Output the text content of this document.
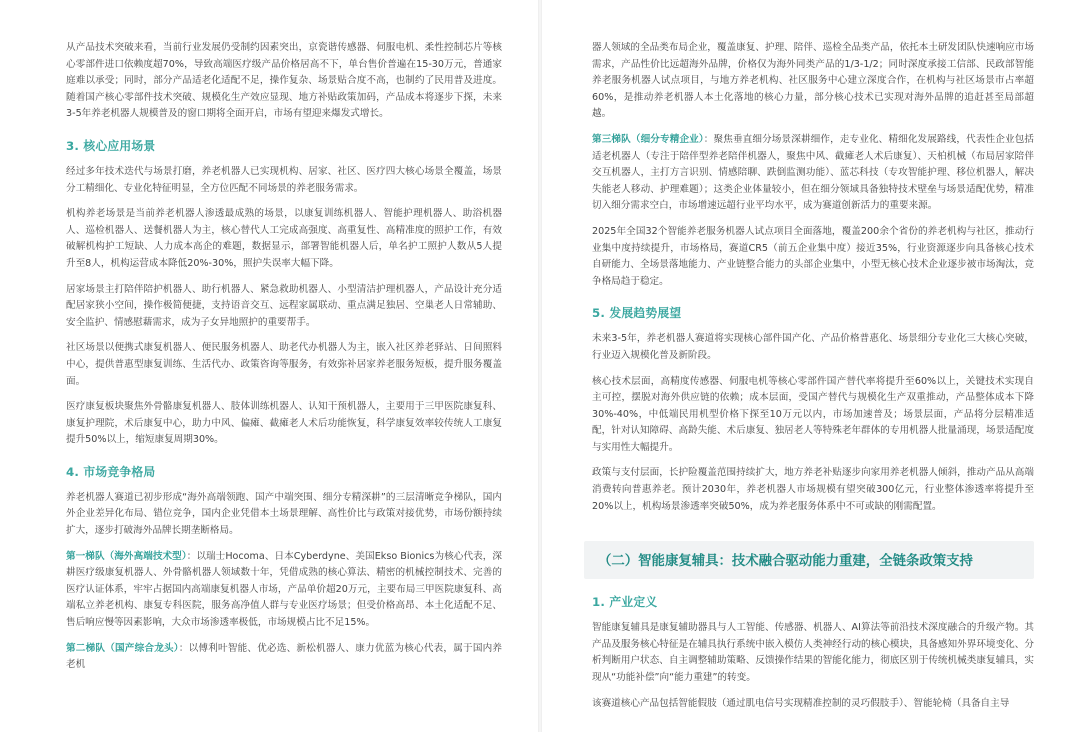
从产品技术突破来看，当前行业发展仍受制约因素突出，京瓷谐传感器、伺服电机、柔性控制芯片等核心零部件进口依赖度超70%，导致高端医疗级产品价格居高不下，单台售价普遍在15-30万元，普通家庭难以承受；同时，部分产品适老化适配不足，操作复杂、场景贴合度不高，也制约了民用普及进度。随着国产核心零部件技术突破、规模化生产效应显现、地方补贴政策加码，产品成本将逐步下探，未来3-5年养老机器人规模普及的窗口期将全面开启，市场有望迎来爆发式增长。

3. 核心应用场景

经过多年技术迭代与场景打磨，养老机器人已实现机构、居家、社区、医疗四大核心场景全覆盖，场景分工精细化、专业化特征明显，全方位匹配不同场景的养老服务需求。

机构养老场景是当前养老机器人渗透最成熟的场景，以康复训练机器人、智能护理机器人、助浴机器人、巡检机器人、送餐机器人为主，核心替代人工完成高强度、高重复性、高精准度的照护工作，有效破解机构护工短缺、人力成本高企的难题，数据显示，部署智能机器人后，单名护工照护人数从5人提升至8人，机构运营成本降低20%-30%，照护失误率大幅下降。

居家场景主打陪伴陪护机器人、助行机器人、紧急救助机器人、小型清洁护理机器人，产品设计充分适配居家狭小空间，操作极简便捷，支持语音交互、远程家属联动、重点满足独居、空巢老人日常辅助、安全监护、情感慰藉需求，成为子女异地照护的重要帮手。

社区场景以便携式康复机器人、便民服务机器人、助老代办机器人为主，嵌入社区养老驿站、日间照料中心，提供普惠型康复训练、生活代办、政策咨询等服务，有效弥补居家养老服务短板，提升服务覆盖面。

医疗康复板块聚焦外骨骼康复机器人、肢体训练机器人、认知干预机器人，主要用于三甲医院康复科、康复护理院，术后康复中心，助力中风、偏瘫、截瘫老人术后功能恢复，科学康复效率较传统人工康复提升50%以上，缩短康复周期30%。

4. 市场竞争格局

养老机器人赛道已初步形成“海外高端领跑、国产中端突围、细分专精深耕”的三层清晰竞争梯队，国内外企业差异化布局、错位竞争，国内企业凭借本土场景理解、高性价比与政策对接优势，市场份额持续扩大，逐步打破海外品牌长期垄断格局。

第一梯队（海外高端技术型）：以瑞士Hocoma、日本Cyberdyne、美国Ekso Bionics为核心代表，深耕医疗级康复机器人、外骨骼机器人领域数十年，凭借成熟的核心算法、精密的机械控制技术、完善的医疗认证体系，牢牢占据国内高端康复机器人市场，产品单价超20万元，主要布局三甲医院康复科、高端私立养老机构、康复专科医院，服务高净值人群与专业医疗场景；但受价格高昂、本土化适配不足、售后响应慢等因素影响，大众市场渗透率极低，市场规模占比不足15%。

第二梯队（国产综合龙头）：以傅利叶智能、优必选、新松机器人、康力优蓝为核心代表，属于国内养老机

器人领域的全品类布局企业，覆盖康复、护理、陪伴、巡检全品类产品，依托本土研发团队快速响应市场需求，产品性价比远超海外品牌，价格仅为海外同类产品的1/3-1/2；同时深度承接工信部、民政部智能养老服务机器人试点项目，与地方养老机构、社区服务中心建立深度合作，在机构与社区场景市占率超60%，是推动养老机器人本土化落地的核心力量，部分核心技术已实现对海外品牌的追赶甚至局部超越。

第三梯队（细分专精企业）：聚焦垂直细分场景深耕细作，走专业化、精细化发展路线，代表性企业包括适老机器人（专注于陪伴型养老陪伴机器人，聚焦中风、截瘫老人术后康复）、天柏机械（布局居家陪伴交互机器人，主打方言识别、情感陪聊、跌倒监测功能）、蓝芯科技（专攻智能护理、移位机器人，解决失能老人移动、护理难题）；这类企业体量较小，但在细分领域具备独特技术壁垒与场景适配优势，精准切入细分需求空白，市场增速远超行业平均水平，成为赛道创新活力的重要来源。

2025年全国32个智能养老服务机器人试点项目全面落地，覆盖200余个省份的养老机构与社区，推动行业集中度持续提升，市场格局，赛道CR5（前五企业集中度）接近35%，行业资源逐步向具备核心技术自研能力、全场景落地能力、产业链整合能力的头部企业集中，小型无核心技术企业逐步被市场淘汰，竞争格局趋于稳定。

5. 发展趋势展望

未来3-5年，养老机器人赛道将实现核心部件国产化、产品价格普惠化、场景细分专业化三大核心突破，行业迈入规模化普及新阶段。

核心技术层面，高精度传感器、伺服电机等核心零部件国产替代率将提升至60%以上，关键技术实现自主可控，摆脱对海外供应链的依赖；成本层面，受国产替代与规模化生产双重推动，产品整体成本下降30%-40%，中低端民用机型价格下探至10万元以内，市场加速普及；场景层面，产品将分层精准适配，针对认知障碍、高龄失能、术后康复、独居老人等特殊老年群体的专用机器人批量涌现，场景适配度与实用性大幅提升。

政策与支付层面，长护险覆盖范围持续扩大，地方养老补贴逐步向家用养老机器人倾斜，推动产品从高端消费转向普惠养老。预计2030年，养老机器人市场规模有望突破300亿元，行业整体渗透率将提升至20%以上，机构场景渗透率突破50%，成为养老服务体系中不可或缺的刚需配置。

（二）智能康复辅具：技术融合驱动能力重建，全链条政策支持
1. 产业定义

智能康复辅具是康复辅助器具与人工智能、传感器、机器人、AI算法等前沿技术深度融合的升级产物。其产品及服务核心特征是在辅具执行系统中嵌入模仿人类神经行动的核心模块，具备感知外界环境变化、分析判断用户状态、自主调整辅助策略、反馈操作结果的智能化能力，彻底区别于传统机械类康复辅具，实现从“功能补偿”向“能力重建”的转变。

该赛道核心产品包括智能假肢（通过肌电信号实现精准控制的灵巧假肢手）、智能轮椅（具备自主导
